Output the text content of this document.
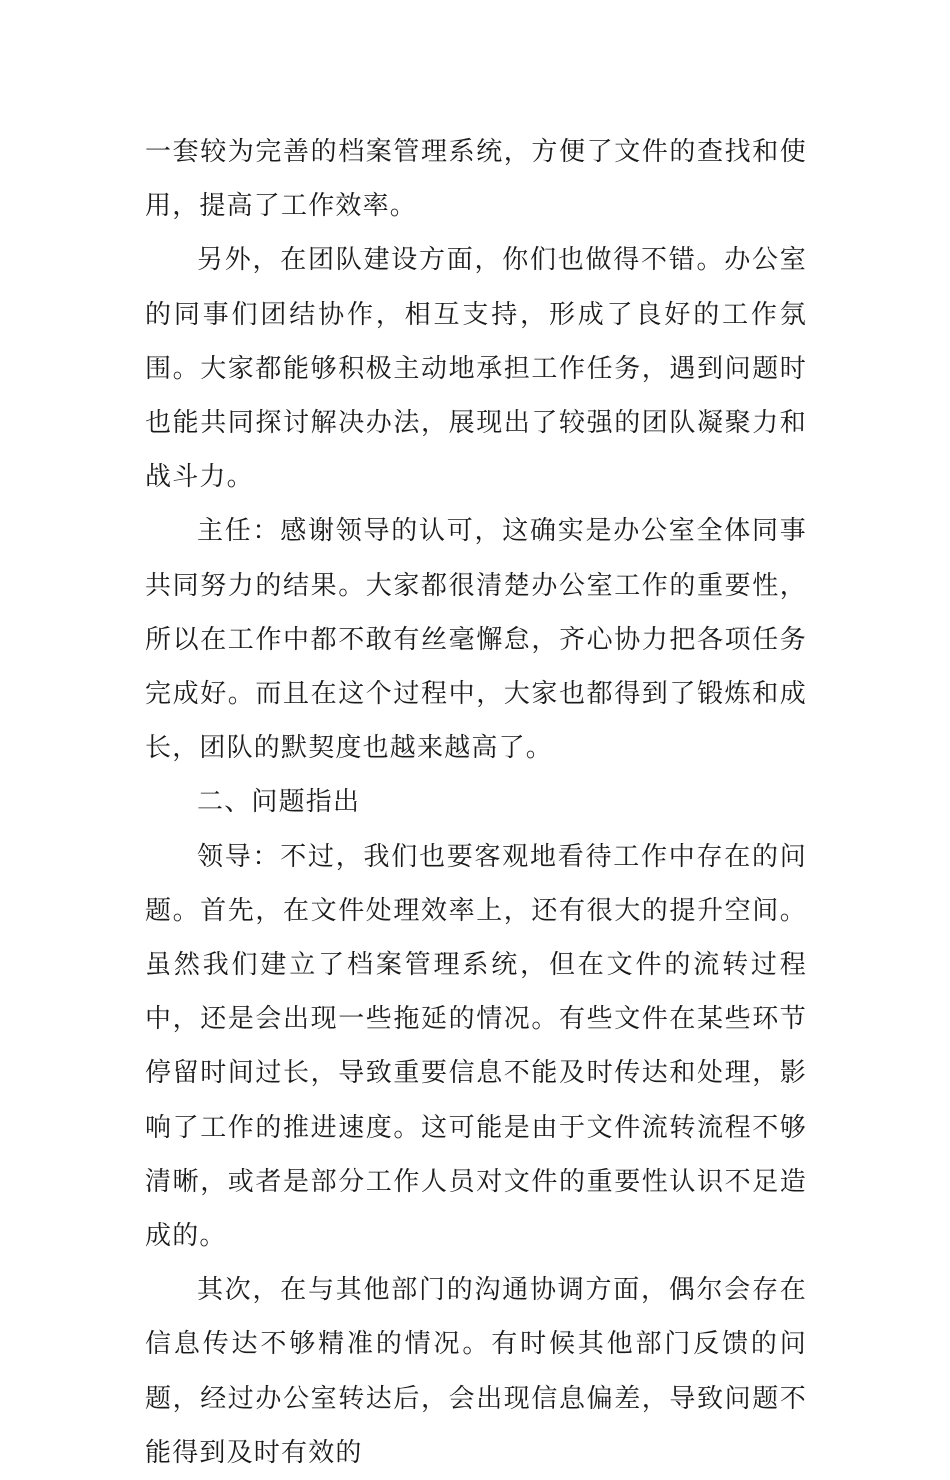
一套较为完善的档案管理系统，方便了文件的查找和使用，提高了工作效率。

另外，在团队建设方面，你们也做得不错。办公室的同事们团结协作，相互支持，形成了良好的工作氛围。大家都能够积极主动地承担工作任务，遇到问题时也能共同探讨解决办法，展现出了较强的团队凝聚力和战斗力。

主任：感谢领导的认可，这确实是办公室全体同事共同努力的结果。大家都很清楚办公室工作的重要性，所以在工作中都不敢有丝毫懈怠，齐心协力把各项任务完成好。而且在这个过程中，大家也都得到了锻炼和成长，团队的默契度也越来越高了。

二、问题指出

领导：不过，我们也要客观地看待工作中存在的问题。首先，在文件处理效率上，还有很大的提升空间。虽然我们建立了档案管理系统，但在文件的流转过程中，还是会出现一些拖延的情况。有些文件在某些环节停留时间过长，导致重要信息不能及时传达和处理，影响了工作的推进速度。这可能是由于文件流转流程不够清晰，或者是部分工作人员对文件的重要性认识不足造成的。

其次，在与其他部门的沟通协调方面，偶尔会存在信息传达不够精准的情况。有时候其他部门反馈的问题，经过办公室转达后，会出现信息偏差，导致问题不能得到及时有效的
